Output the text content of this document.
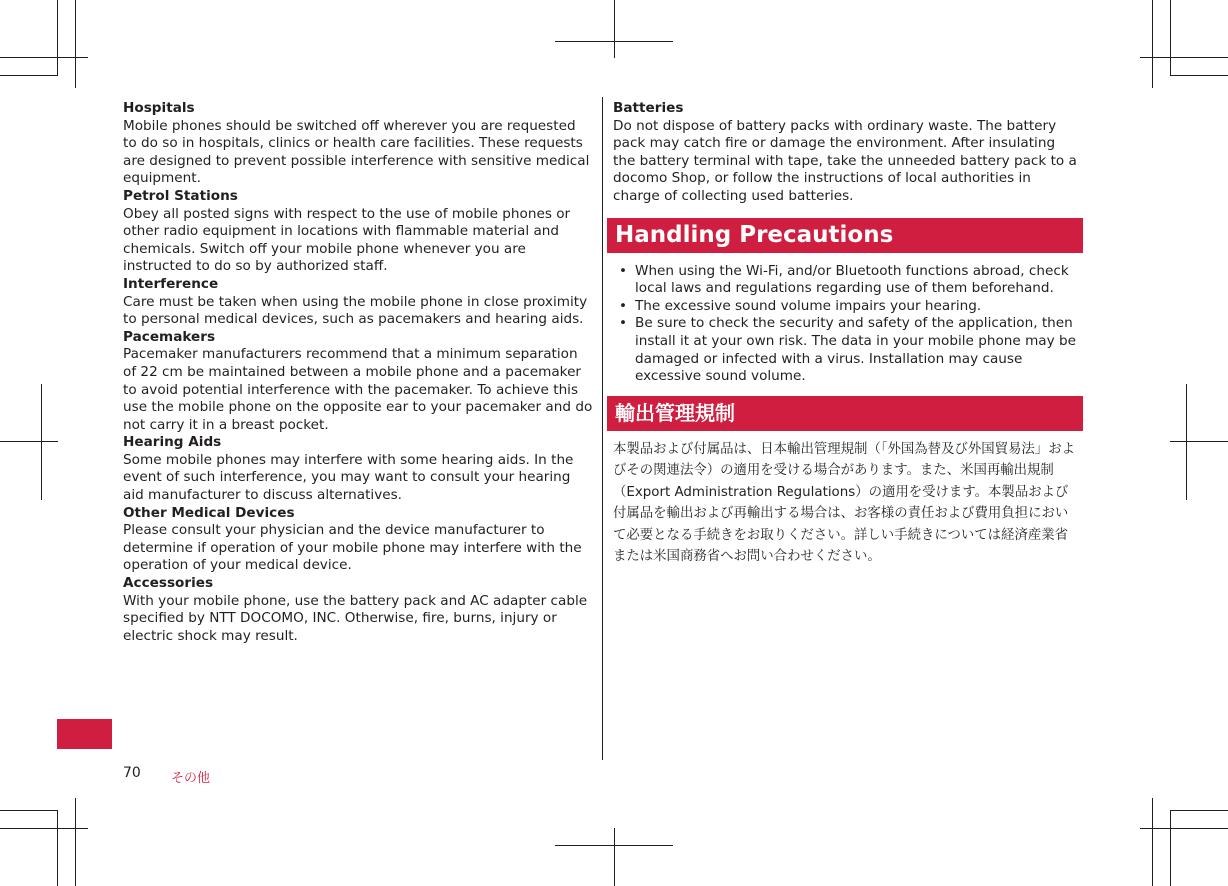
Hospitals

Mobile phones should be switched off wherever you are requested to do so in hospitals, clinics or health care facilities. These requests are designed to prevent possible interference with sensitive medical equipment.

Petrol Stations

Obey all posted signs with respect to the use of mobile phones or other radio equipment in locations with flammable material and chemicals. Switch off your mobile phone whenever you are instructed to do so by authorized staff.

Interference

Care must be taken when using the mobile phone in close proximity to personal medical devices, such as pacemakers and hearing aids.

Pacemakers

Pacemaker manufacturers recommend that a minimum separation of 22 cm be maintained between a mobile phone and a pacemaker to avoid potential interference with the pacemaker. To achieve this use the mobile phone on the opposite ear to your pacemaker and do not carry it in a breast pocket.

Hearing Aids

Some mobile phones may interfere with some hearing aids. In the event of such interference, you may want to consult your hearing aid manufacturer to discuss alternatives.

Other Medical Devices

Please consult your physician and the device manufacturer to determine if operation of your mobile phone may interfere with the operation of your medical device.

Accessories

With your mobile phone, use the battery pack and AC adapter cable specified by NTT DOCOMO, INC. Otherwise, fire, burns, injury or electric shock may result.

Batteries

Do not dispose of battery packs with ordinary waste. The battery pack may catch fire or damage the environment. After insulating the battery terminal with tape, take the unneeded battery pack to a docomo Shop, or follow the instructions of local authorities in charge of collecting used batteries.

Handling Precautions
• When using the Wi-Fi, and/or Bluetooth functions abroad, check local laws and regulations regarding use of them beforehand.
• The excessive sound volume impairs your hearing.
• Be sure to check the security and safety of the application, then install it at your own risk. The data in your mobile phone may be damaged or infected with a virus. Installation may cause excessive sound volume.
輸出管理規制

本製品および付属品は、日本輸出管理規制（「外国為替及び外国貿易法」およびその関連法令）の適用を受ける場合があります。また、米国再輸出規制（Export Administration Regulations）の適用を受けます。本製品および付属品を輸出および再輸出する場合は、お客様の責任および費用負担において必要となる手続きをお取りください。詳しい手続きについては経済産業省または米国商務省へお問い合わせください。

70 その他
